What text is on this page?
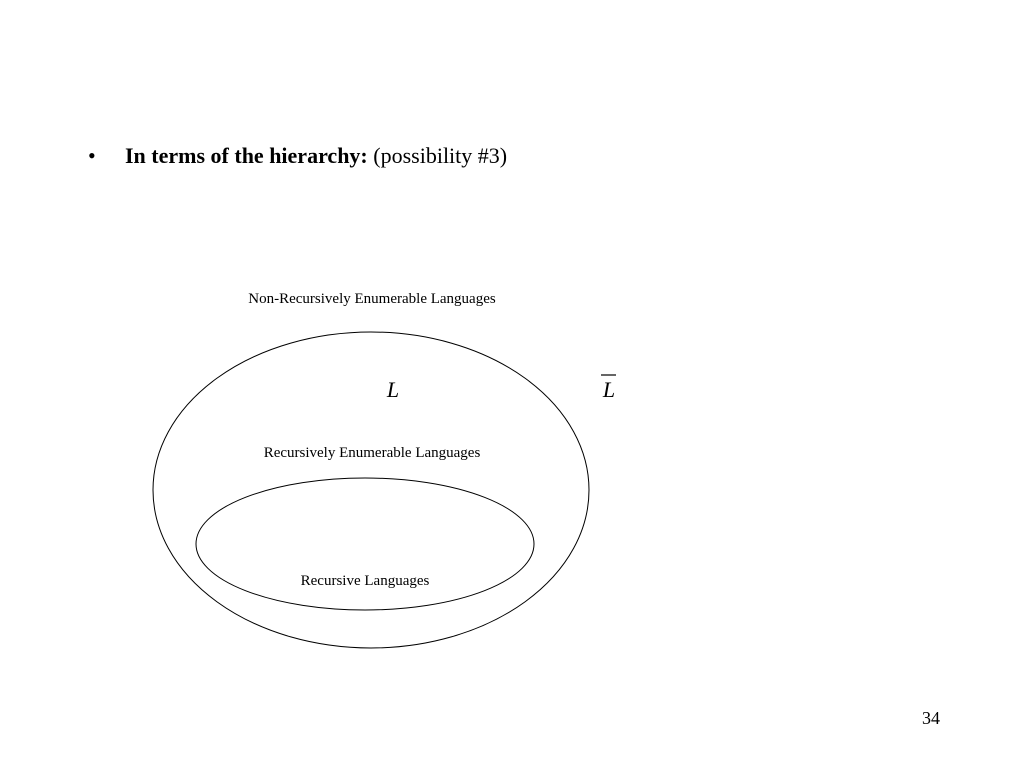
• In terms of the hierarchy: (possibility #3)
Non-Recursively Enumerable Languages
L	L
Recursively Enumerable Languages
Recursive Languages
34
